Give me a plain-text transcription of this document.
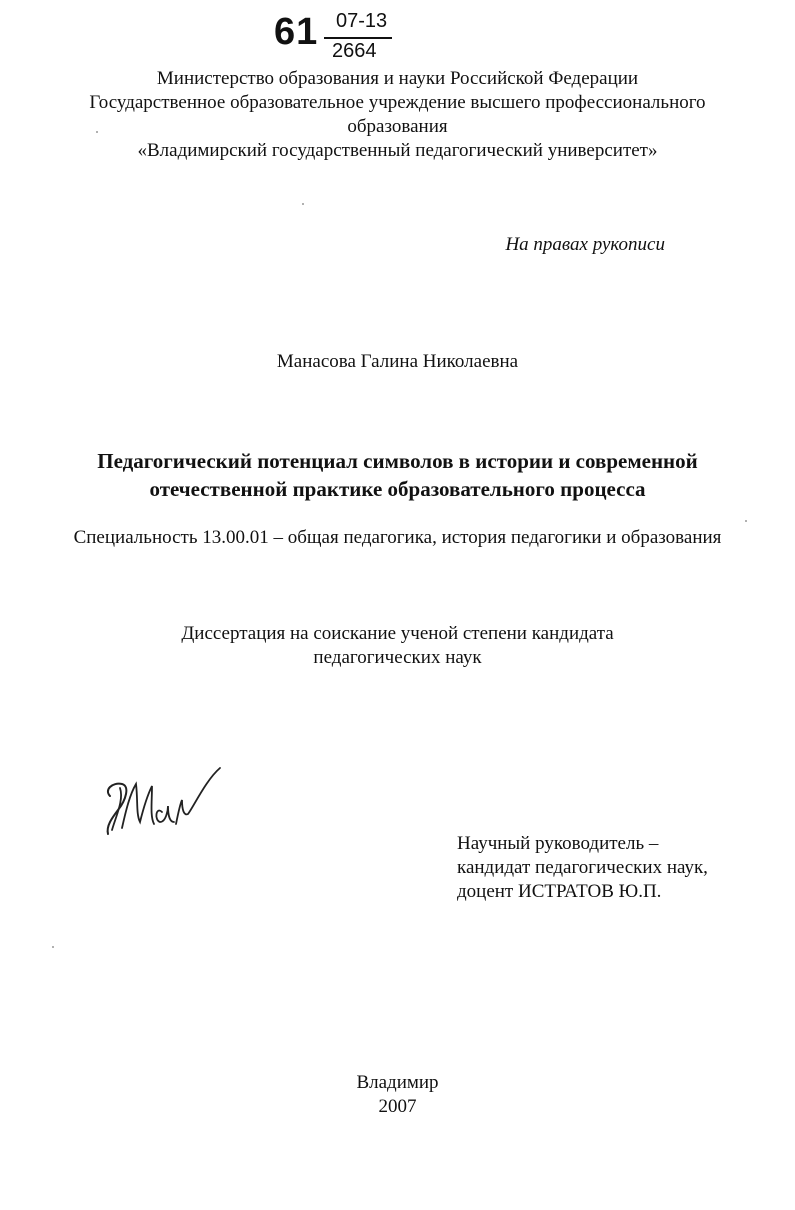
61 07-13
2664
Министерство образования и науки Российской Федерации
Государственное образовательное учреждение высшего профессионального
образования
«Владимирский государственный педагогический университет»
На правах рукописи
Манасова Галина Николаевна
Педагогический потенциал символов в истории и современной
отечественной практике образовательного процесса
Специальность 13.00.01 – общая педагогика, история педагогики и образования
Диссертация на соискание ученой степени кандидата
педагогических наук
Научный руководитель –
кандидат педагогических наук,
доцент ИСТРАТОВ Ю.П.
Владимир
2007
